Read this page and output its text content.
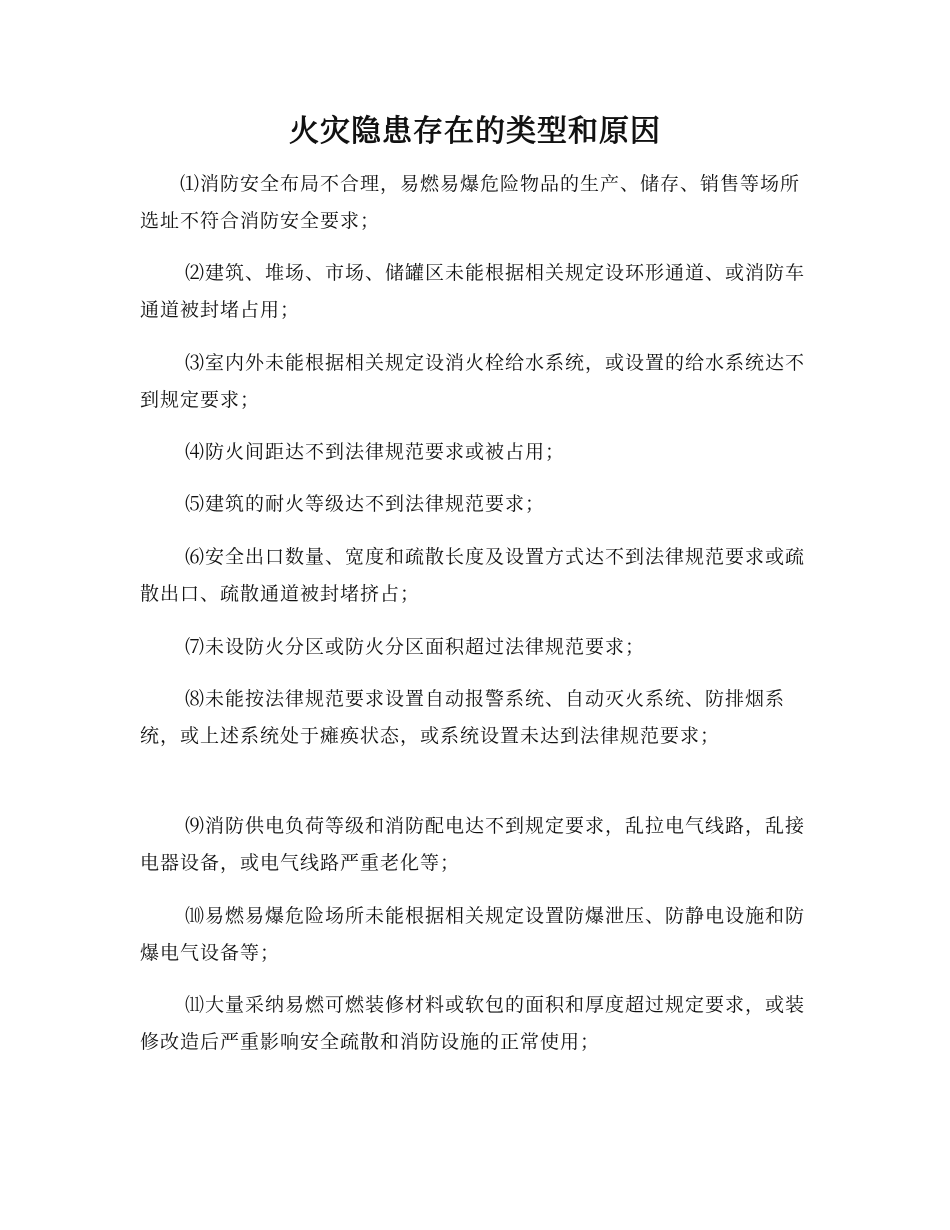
火灾隐患存在的类型和原因

⑴消防安全布局不合理，易燃易爆危险物品的生产、储存、销售等场所选址不符合消防安全要求；

⑵建筑、堆场、市场、储罐区未能根据相关规定设环形通道、或消防车通道被封堵占用；

⑶室内外未能根据相关规定设消火栓给水系统，或设置的给水系统达不到规定要求；

⑷防火间距达不到法律规范要求或被占用；

⑸建筑的耐火等级达不到法律规范要求；

⑹安全出口数量、宽度和疏散长度及设置方式达不到法律规范要求或疏散出口、疏散通道被封堵挤占；

⑺未设防火分区或防火分区面积超过法律规范要求；

⑻未能按法律规范要求设置自动报警系统、自动灭火系统、防排烟系统，或上述系统处于瘫痪状态，或系统设置未达到法律规范要求；

⑼消防供电负荷等级和消防配电达不到规定要求，乱拉电气线路，乱接电器设备，或电气线路严重老化等；

⑽易燃易爆危险场所未能根据相关规定设置防爆泄压、防静电设施和防爆电气设备等；

⑾大量采纳易燃可燃装修材料或软包的面积和厚度超过规定要求，或装修改造后严重影响安全疏散和消防设施的正常使用；
